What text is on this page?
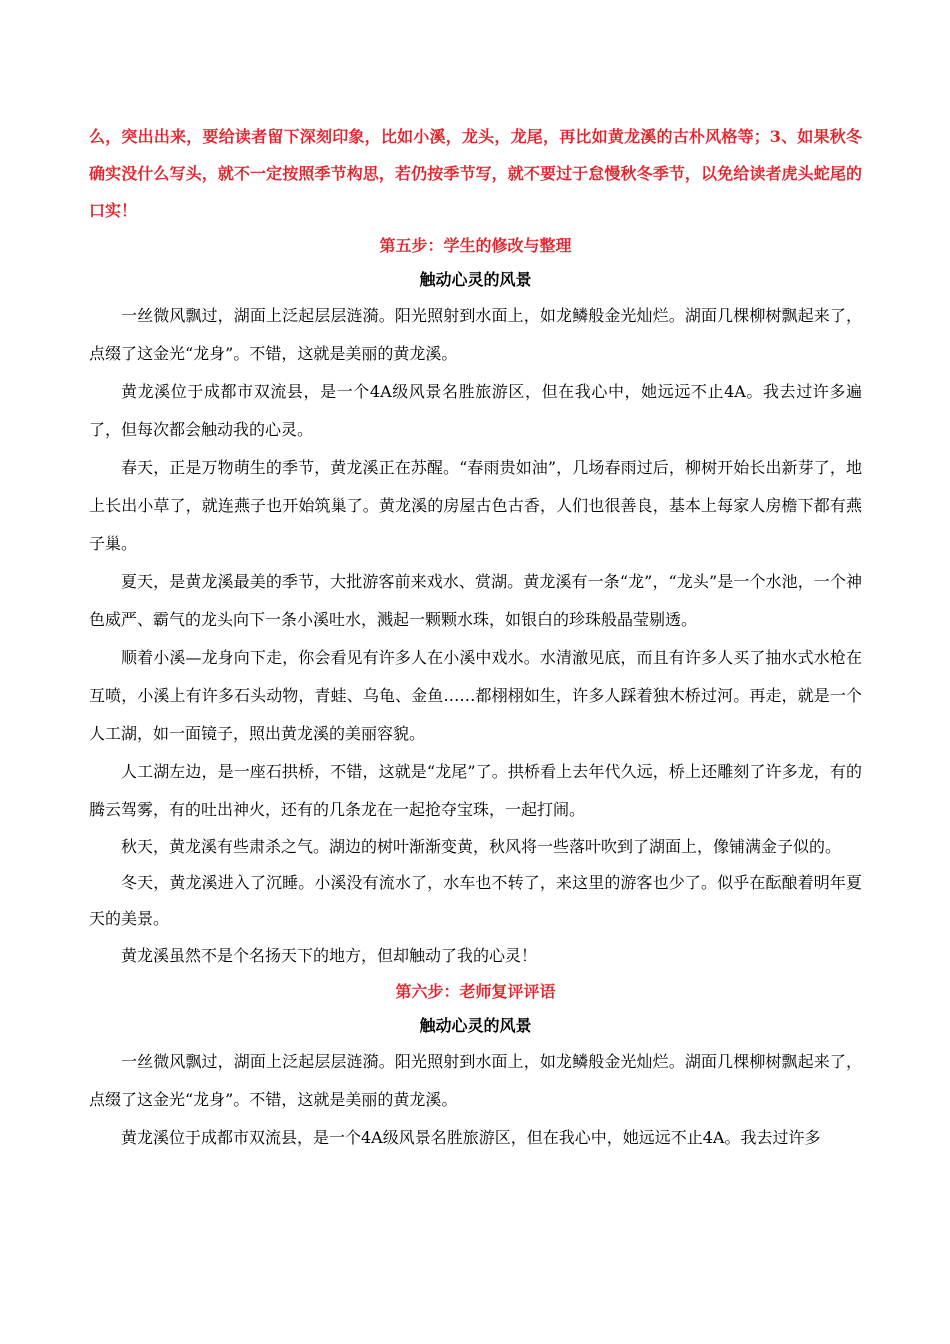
么，突出出来，要给读者留下深刻印象，比如小溪，龙头，龙尾，再比如黄龙溪的古朴风格等；3、如果秋冬确实没什么写头，就不一定按照季节构思，若仍按季节写，就不要过于怠慢秋冬季节，以免给读者虎头蛇尾的口实！

第五步：学生的修改与整理
触动心灵的风景

一丝微风飘过，湖面上泛起层层涟漪。阳光照射到水面上，如龙鳞般金光灿烂。湖面几棵柳树飘起来了，点缀了这金光“龙身”。不错，这就是美丽的黄龙溪。

黄龙溪位于成都市双流县，是一个4A级风景名胜旅游区，但在我心中，她远远不止4A。我去过许多遍了，但每次都会触动我的心灵。

春天，正是万物萌生的季节，黄龙溪正在苏醒。“春雨贵如油”，几场春雨过后，柳树开始长出新芽了，地上长出小草了，就连燕子也开始筑巢了。黄龙溪的房屋古色古香，人们也很善良，基本上每家人房檐下都有燕子巢。

夏天，是黄龙溪最美的季节，大批游客前来戏水、赏湖。黄龙溪有一条“龙”，“龙头”是一个水池，一个神色威严、霸气的龙头向下一条小溪吐水，溅起一颗颗水珠，如银白的珍珠般晶莹剔透。

顺着小溪—龙身向下走，你会看见有许多人在小溪中戏水。水清澈见底，而且有许多人买了抽水式水枪在互喷，小溪上有许多石头动物，青蛙、乌龟、金鱼……都栩栩如生，许多人踩着独木桥过河。再走，就是一个人工湖，如一面镜子，照出黄龙溪的美丽容貌。

人工湖左边，是一座石拱桥，不错，这就是“龙尾”了。拱桥看上去年代久远，桥上还雕刻了许多龙，有的腾云驾雾，有的吐出神火，还有的几条龙在一起抢夺宝珠，一起打闹。

秋天，黄龙溪有些肃杀之气。湖边的树叶渐渐变黄，秋风将一些落叶吹到了湖面上，像铺满金子似的。

冬天，黄龙溪进入了沉睡。小溪没有流水了，水车也不转了，来这里的游客也少了。似乎在酝酿着明年夏天的美景。

黄龙溪虽然不是个名扬天下的地方，但却触动了我的心灵！

第六步：老师复评评语
触动心灵的风景

一丝微风飘过，湖面上泛起层层涟漪。阳光照射到水面上，如龙鳞般金光灿烂。湖面几棵柳树飘起来了，点缀了这金光“龙身”。不错，这就是美丽的黄龙溪。

黄龙溪位于成都市双流县，是一个4A级风景名胜旅游区，但在我心中，她远远不止4A。我去过许多
